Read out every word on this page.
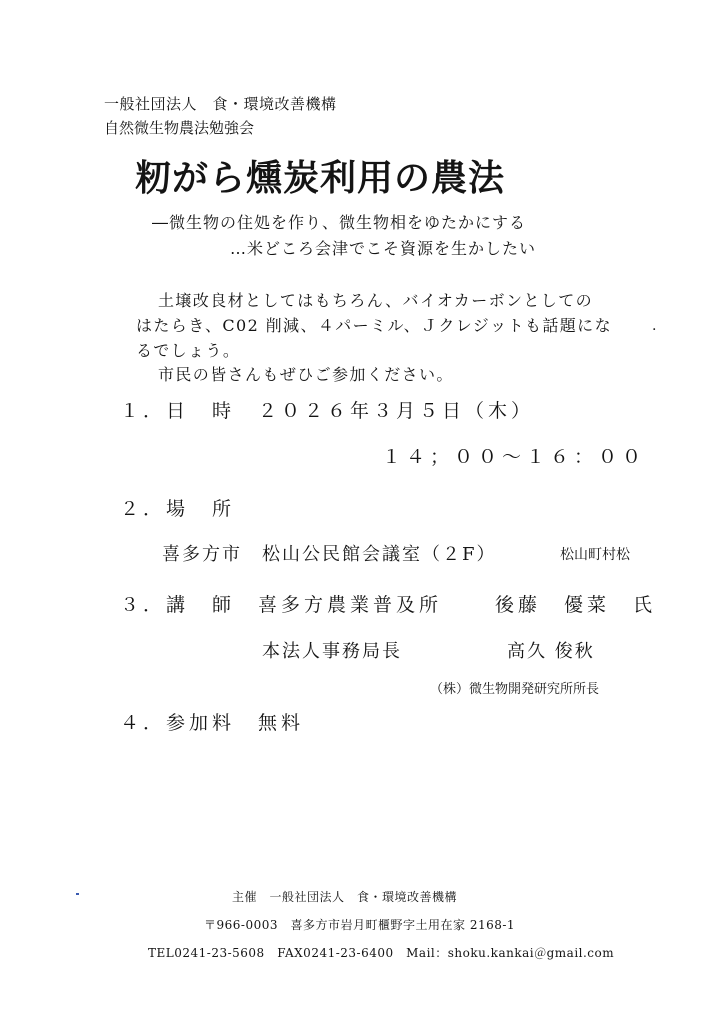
一般社団法人　食・環境改善機構
自然微生物農法勉強会
籾がら燻炭利用の農法
―微生物の住処を作り、微生物相をゆたかにする
…米どころ会津でこそ資源を生かしたい
土壌改良材としてはもちろん、バイオカーボンとしての
はたらき、C02 削減、４パーミル、Ｊクレジットも話題にな	.
るでしょう。
市民の皆さんもぜひご参加ください。
１．日　時　２０２６年３月５日（木）
１４；００～１６：００
２．場　所
喜多方市　松山公民館会議室（２F）	松山町村松
３．講　師　喜多方農業普及所	後藤　優菜　氏
本法人事務局長	高久 俊秋
（株）微生物開発研究所所長
４．参加料　無料
主催　一般社団法人　食・環境改善機構
〒966-0003　喜多方市岩月町櫃野字土用在家 2168-1
TEL0241-23-5608　FAX0241-23-6400　Mail：shoku.kankai＠gmail.com
